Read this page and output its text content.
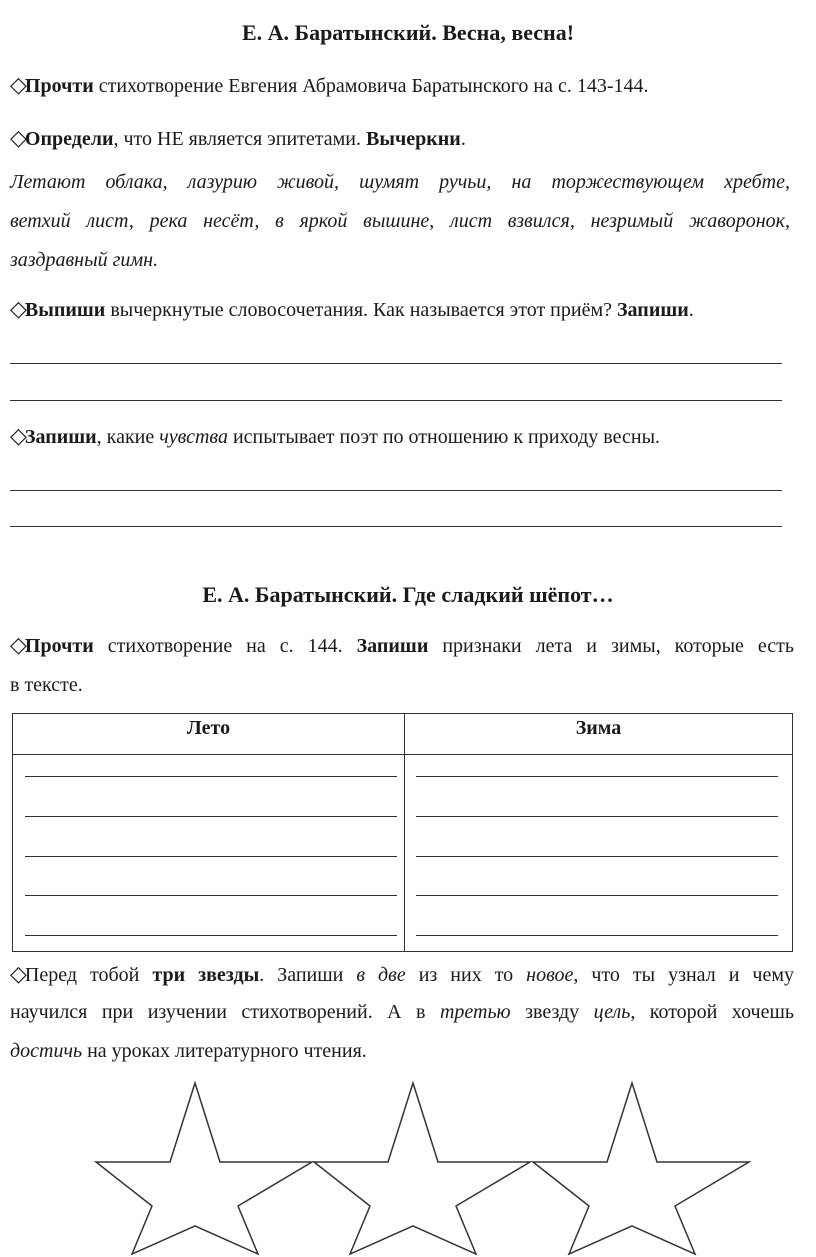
Е. А. Баратынский. Весна, весна!
◇Прочти стихотворение Евгения Абрамовича Баратынского на с. 143-144.
◇Определи, что НЕ является эпитетами. Вычеркни.
Летают облака, лазурию живой, шумят ручьи, на торжествующем хребте,
ветхий лист, река несёт, в яркой вышине, лист взвился, незримый жаворонок,
заздравный гимн.
◇Выпиши вычеркнутые словосочетания. Как называется этот приём? Запиши.
◇Запиши, какие чувства испытывает поэт по отношению к приходу весны.
Е. А. Баратынский. Где сладкий шёпот…
◇Прочти стихотворение на с. 144. Запиши признаки лета и зимы, которые есть
в тексте.
Лето	Зима

◇Перед тобой три звезды. Запиши в две из них то новое, что ты узнал и чему
научился при изучении стихотворений. А в третью звезду цель, которой хочешь
достичь на уроках литературного чтения.
